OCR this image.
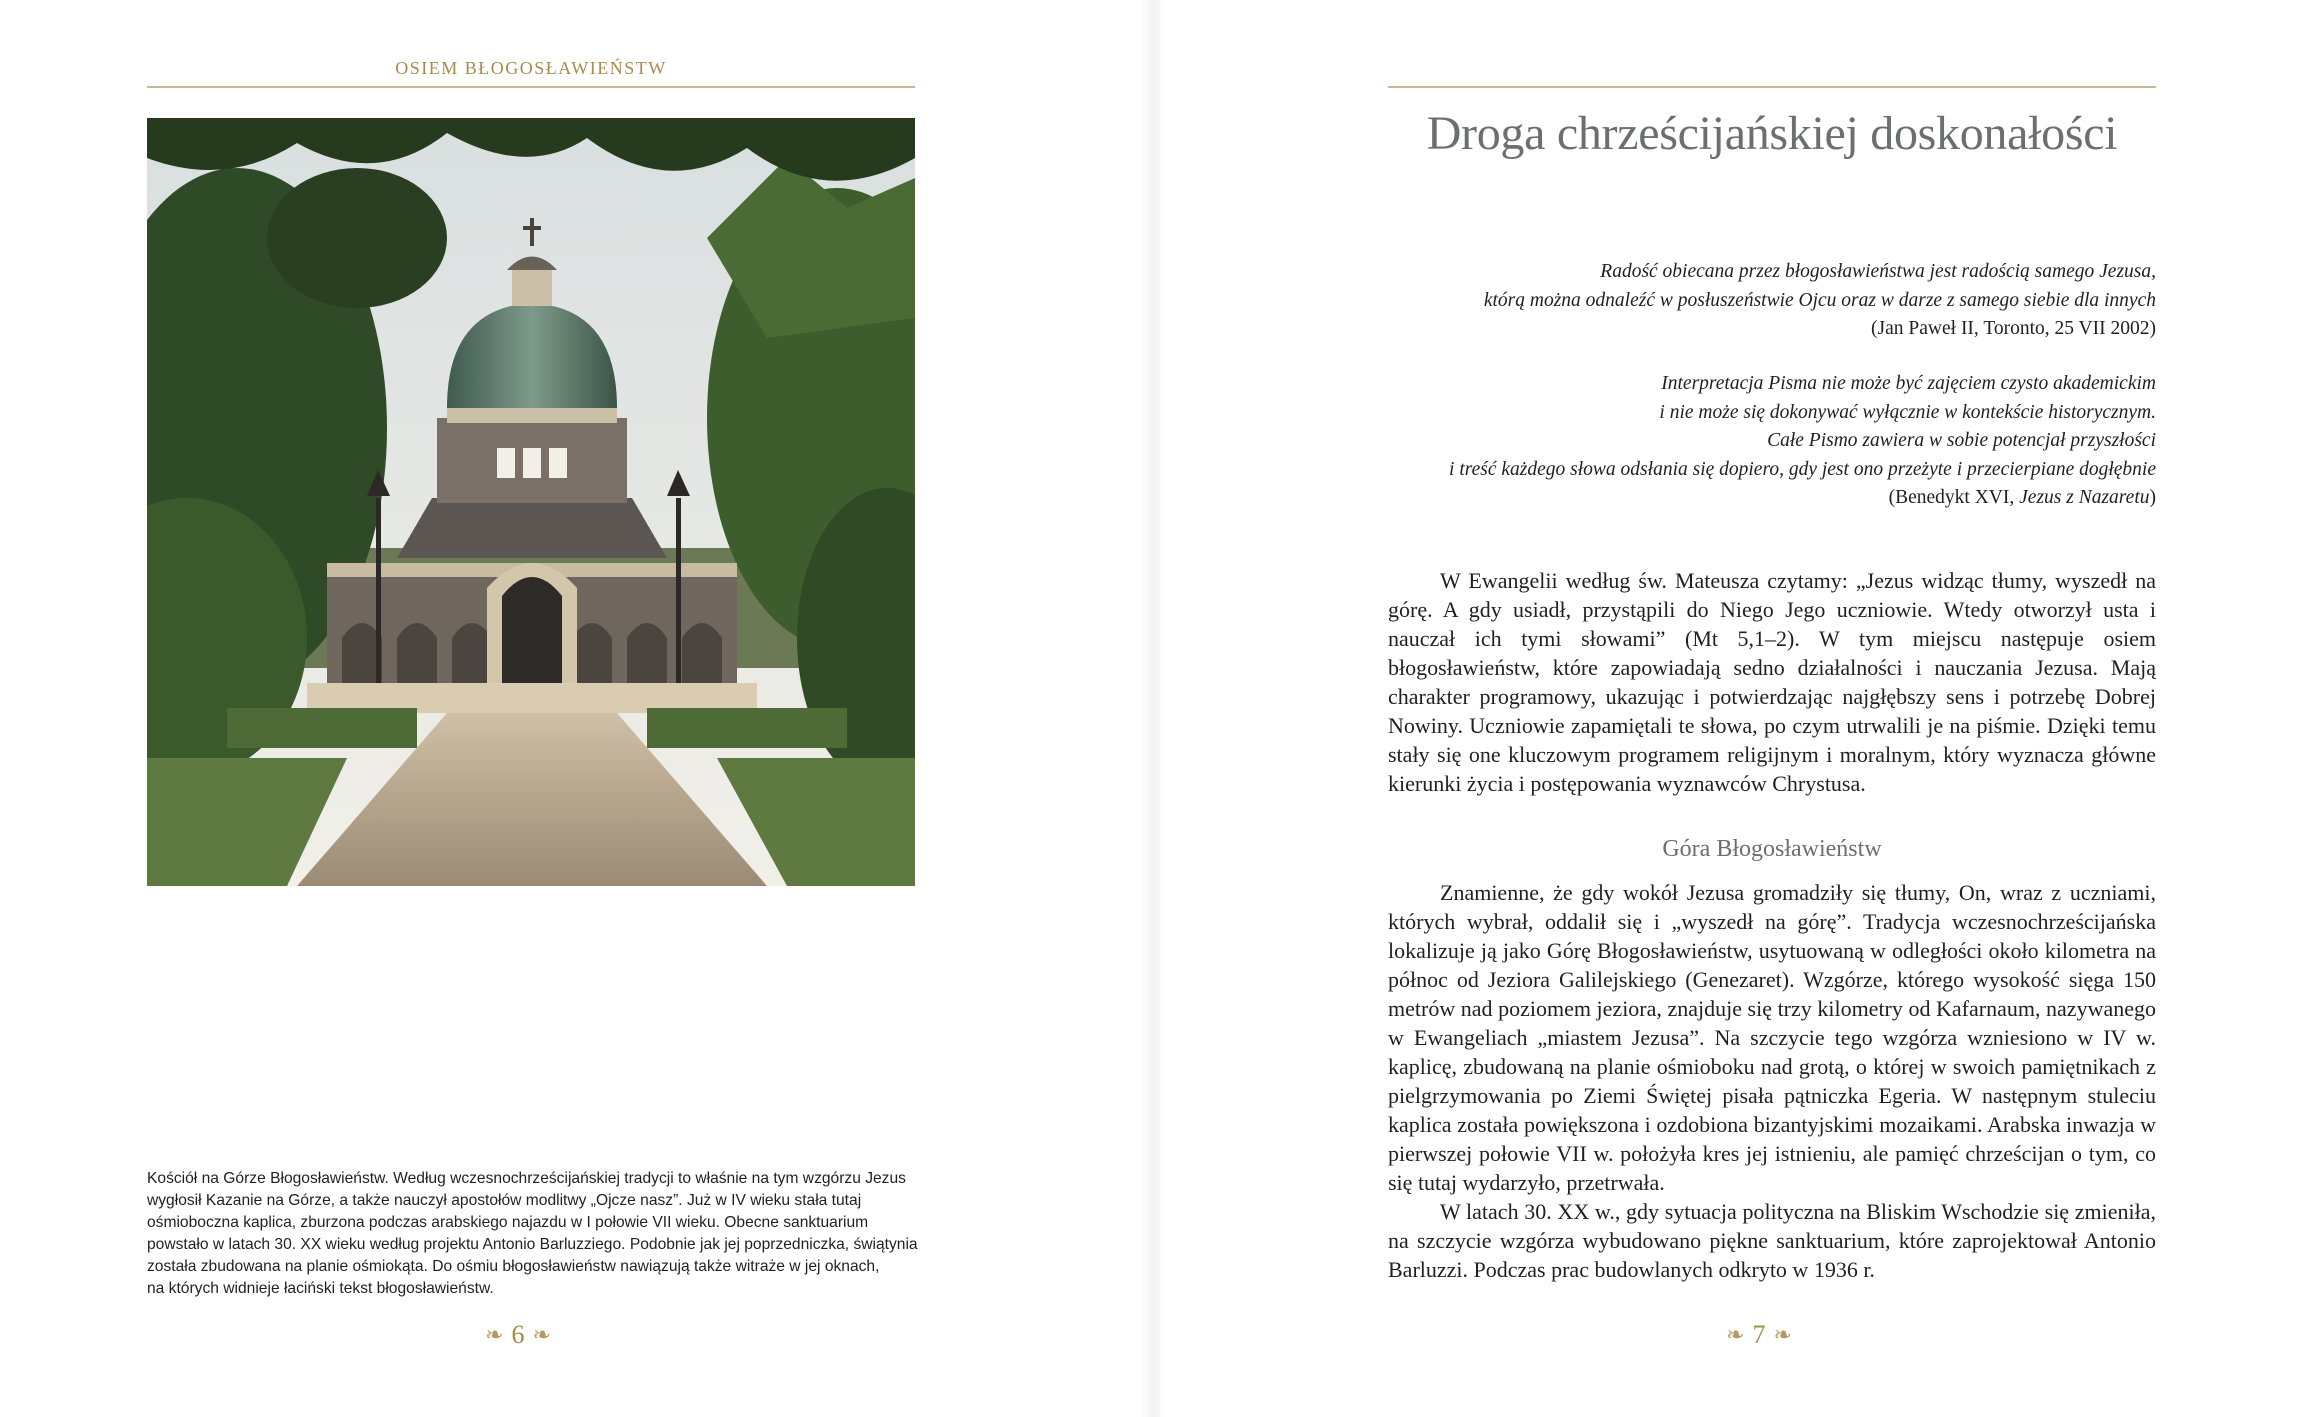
OSIEM BŁOGOSŁAWIEŃSTW

Kościół na Górze Błogosławieństw. Według wczesnochrześcijańskiej tradycji to właśnie na tym wzgórzu Jezus

wygłosił Kazanie na Górze, a także nauczył apostołów modlitwy „Ojcze nasz”. Już w IV wieku stała tutaj

ośmioboczna kaplica, zburzona podczas arabskiego najazdu w I połowie VII wieku. Obecne sanktuarium

powstało w latach 30. XX wieku według projektu Antonio Barluzziego. Podobnie jak jej poprzedniczka, świątynia

została zbudowana na planie ośmiokąta. Do ośmiu błogosławieństw nawiązują także witraże w jej oknach,

na których widnieje łaciński tekst błogosławieństw.

❧ 6 ❧
Droga chrześcijańskiej doskonałości

Radość obiecana przez błogosławieństwa jest radością samego Jezusa,

którą można odnaleźć w posłuszeństwie Ojcu oraz w darze z samego siebie dla innych

(Jan Paweł II, Toronto, 25 VII 2002)

Interpretacja Pisma nie może być zajęciem czysto akademickim

i nie może się dokonywać wyłącznie w kontekście historycznym.

Całe Pismo zawiera w sobie potencjał przyszłości

i treść każdego słowa odsłania się dopiero, gdy jest ono przeżyte i przecierpiane dogłębnie

(Benedykt XVI, Jezus z Nazaretu)

W Ewangelii według św. Mateusza czytamy: „Jezus widząc tłumy, wyszedł na górę. A gdy usiadł, przystąpili do Niego Jego uczniowie. Wtedy otworzył usta i nauczał ich tymi słowami” (Mt 5,1–2). W tym miejscu następuje osiem błogosławieństw, które zapowiadają sedno działalności i nauczania Jezusa. Mają charakter programowy, ukazując i potwierdzając najgłębszy sens i potrzebę Dobrej Nowiny. Uczniowie zapamiętali te słowa, po czym utrwalili je na piśmie. Dzięki temu stały się one kluczowym programem religijnym i moralnym, który wyznacza główne kierunki życia i postępowania wyznawców Chrystusa.

Góra Błogosławieństw

Znamienne, że gdy wokół Jezusa gromadziły się tłumy, On, wraz z uczniami, których wybrał, oddalił się i „wyszedł na górę”. Tradycja wczesnochrześcijańska lokalizuje ją jako Górę Błogosławieństw, usytuowaną w odległości około kilometra na północ od Jeziora Galilejskiego (Genezaret). Wzgórze, którego wysokość sięga 150 metrów nad poziomem jeziora, znajduje się trzy kilometry od Kafarnaum, nazywanego w Ewangeliach „miastem Jezusa”. Na szczycie tego wzgórza wzniesiono w IV w. kaplicę, zbudowaną na planie ośmioboku nad grotą, o której w swoich pamiętnikach z pielgrzymowania po Ziemi Świętej pisała pątniczka Egeria. W następnym stuleciu kaplica została powiększona i ozdobiona bizantyjskimi mozaikami. Arabska inwazja w pierwszej połowie VII w. położyła kres jej istnieniu, ale pamięć chrześcijan o tym, co się tutaj wydarzyło, przetrwała.

W latach 30. XX w., gdy sytuacja polityczna na Bliskim Wschodzie się zmieniła, na szczycie wzgórza wybudowano piękne sanktuarium, które zaprojektował Antonio Barluzzi. Podczas prac budowlanych odkryto w 1936 r.

❧ 7 ❧
